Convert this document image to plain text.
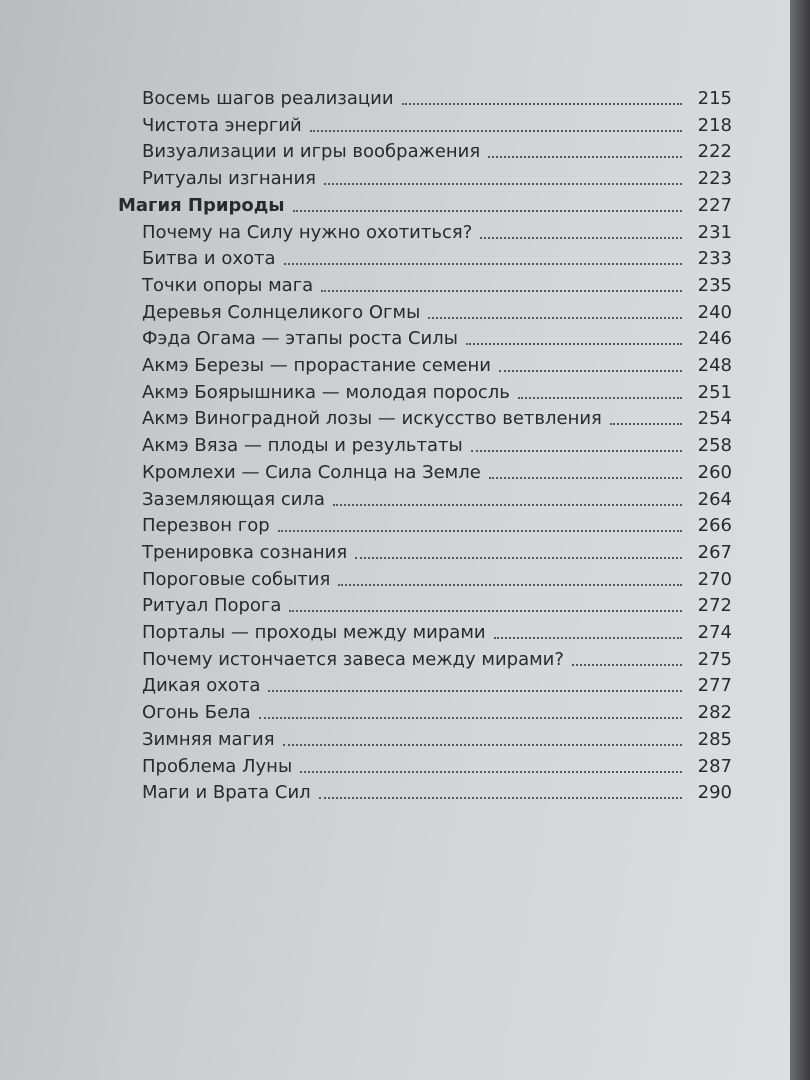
Восемь шагов реализации	215
Чистота энергий	218
Визуализации и игры воображения	222
Ритуалы изгнания	223
Магия Природы	227
Почему на Силу нужно охотиться?	231
Битва и охота	233
Точки опоры мага	235
Деревья Солнцеликого Огмы	240
Фэда Огама — этапы роста Силы	246
Акмэ Березы — прорастание семени	248
Акмэ Боярышника — молодая поросль	251
Акмэ Виноградной лозы — искусство ветвления	254
Акмэ Вяза — плоды и результаты	258
Кромлехи — Сила Солнца на Земле	260
Заземляющая сила	264
Перезвон гор	266
Тренировка сознания	267
Пороговые события	270
Ритуал Порога	272
Порталы — проходы между мирами	274
Почему истончается завеса между мирами?	275
Дикая охота	277
Огонь Бела	282
Зимняя магия	285
Проблема Луны	287
Маги и Врата Сил	290
